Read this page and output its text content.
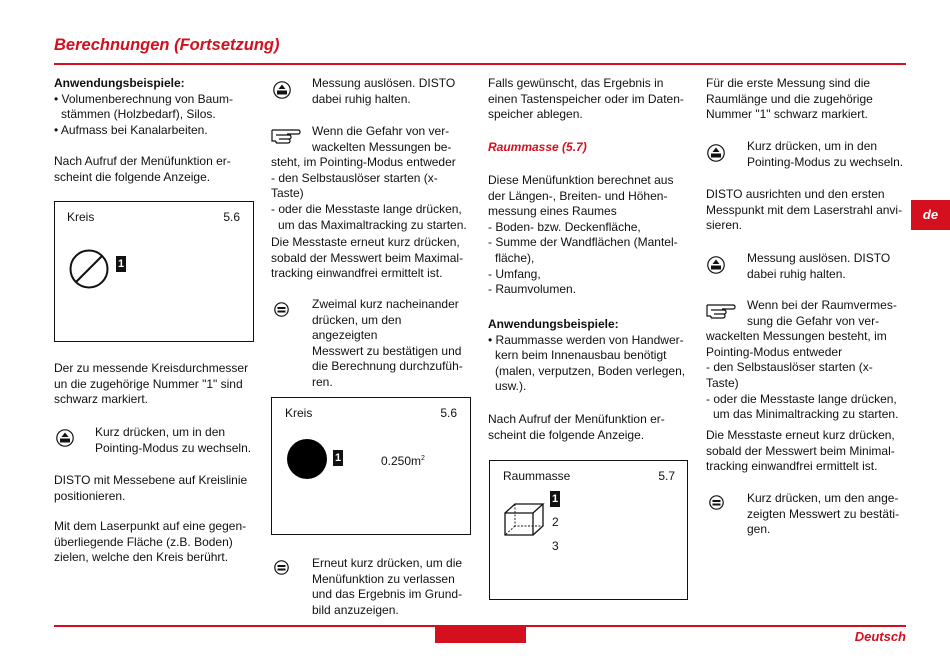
Berechnungen (Fortsetzung)
de

Anwendungsbeispiele:

• Volumenberechnung von Baum-

stämmen (Holzbedarf), Silos.

• Aufmass bei Kanalarbeiten.

Nach Aufruf der Menüfunktion er-

scheint die folgende Anzeige.

Kreis	5.6
1

Der zu messende Kreisdurchmesser

un die zugehörige Nummer "1" sind

schwarz markiert.

Kurz drücken, um in den

Pointing-Modus zu wechseln.

DISTO mit Messebene auf Kreislinie

positionieren.

Mit dem Laserpunkt auf eine gegen-

überliegende Fläche (z.B. Boden)

zielen, welche den Kreis berührt.

Messung auslösen. DISTO

dabei ruhig halten.

Wenn die Gefahr von ver-

wackelten Messungen be-

steht, im Pointing-Modus entweder

- den Selbstauslöser starten (x-Taste)

- oder die Messtaste lange drücken,

um das Maximaltracking zu starten.

Die Messtaste erneut kurz drücken,

sobald der Messwert beim Maximal-

tracking einwandfrei ermittelt ist.

Zweimal kurz nacheinander

drücken, um den angezeigten

Messwert zu bestätigen und

die Berechnung durchzufüh-

ren.

Kreis	5.6
1	$0.250m^2$

Erneut kurz drücken, um die

Menüfunktion zu verlassen

und das Ergebnis im Grund-

bild anzuzeigen.

Falls gewünscht, das Ergebnis in

einen Tastenspeicher oder im Daten-

speicher ablegen.

Raummasse (5.7)

Diese Menüfunktion berechnet aus

der Längen-, Breiten- und Höhen-

messung eines Raumes

- Boden- bzw. Deckenfläche,

- Summe der Wandflächen (Mantel-

fläche),

- Umfang,

- Raumvolumen.

Anwendungsbeispiele:

• Raummasse werden von Handwer-

kern beim Innenausbau benötigt

(malen, verputzen, Boden verlegen,

usw.).

Nach Aufruf der Menüfunktion er-

scheint die folgende Anzeige.

Raummasse	5.7
1
2
3

Für die erste Messung sind die

Raumlänge und die zugehörige

Nummer "1" schwarz markiert.

Kurz drücken, um in den

Pointing-Modus zu wechseln.

DISTO ausrichten und den ersten

Messpunkt mit dem Laserstrahl anvi-

sieren.

Messung auslösen. DISTO

dabei ruhig halten.

Wenn bei der Raumvermes-

sung die Gefahr von ver-

wackelten Messungen besteht, im

Pointing-Modus entweder

- den Selbstauslöser starten (x-Taste)

- oder die Messtaste lange drücken,

um das Minimaltracking zu starten.

Die Messtaste erneut kurz drücken,

sobald der Messwert beim Minimal-

tracking einwandfrei ermittelt ist.

Kurz drücken, um den ange-

zeigten Messwert zu bestäti-

gen.

Deutsch
